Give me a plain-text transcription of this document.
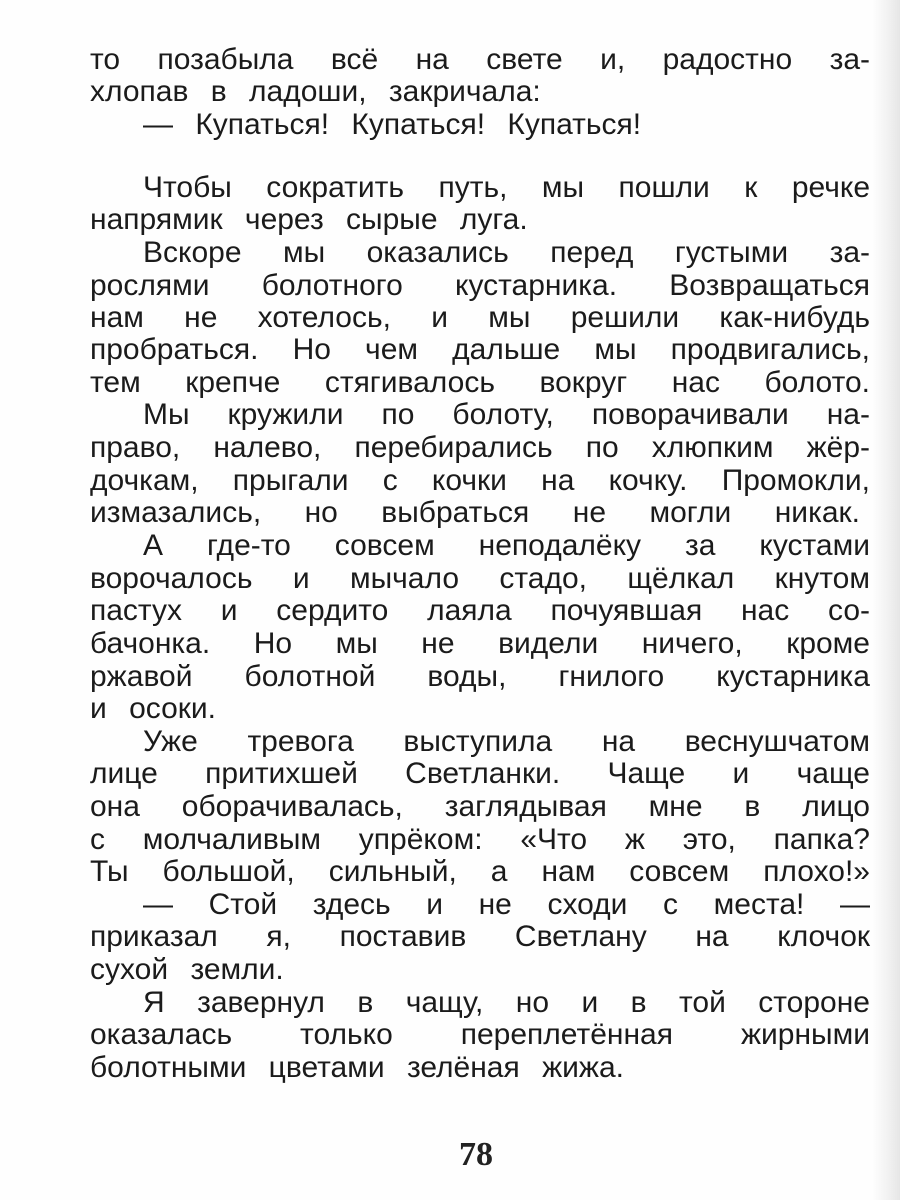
то позабыла всё на свете и, радостно за-
хлопав в ладоши, закричала:
— Купаться! Купаться! Купаться!
Чтобы сократить путь, мы пошли к речке
напрямик через сырые луга.
Вскоре мы оказались перед густыми за-
рослями болотного кустарника. Возвращаться
нам не хотелось, и мы решили как-нибудь
пробраться. Но чем дальше мы продвигались,
тем крепче стягивалось вокруг нас болото.
Мы кружили по болоту, поворачивали на-
право, налево, перебирались по хлюпким жёр-
дочкам, прыгали с кочки на кочку. Промокли,
измазались, но выбраться не могли никак.
А где-то совсем неподалёку за кустами
ворочалось и мычало стадо, щёлкал кнутом
пастух и сердито лаяла почуявшая нас со-
бачонка. Но мы не видели ничего, кроме
ржавой болотной воды, гнилого кустарника
и осоки.
Уже тревога выступила на веснушчатом
лице притихшей Светланки. Чаще и чаще
она оборачивалась, заглядывая мне в лицо
с молчаливым упрёком: «Что ж это, папка?
Ты большой, сильный, а нам совсем плохо!»
— Стой здесь и не сходи с места! —
приказал я, поставив Светлану на клочок
сухой земли.
Я завернул в чащу, но и в той стороне
оказалась только переплетённая жирными
болотными цветами зелёная жижа.
78
